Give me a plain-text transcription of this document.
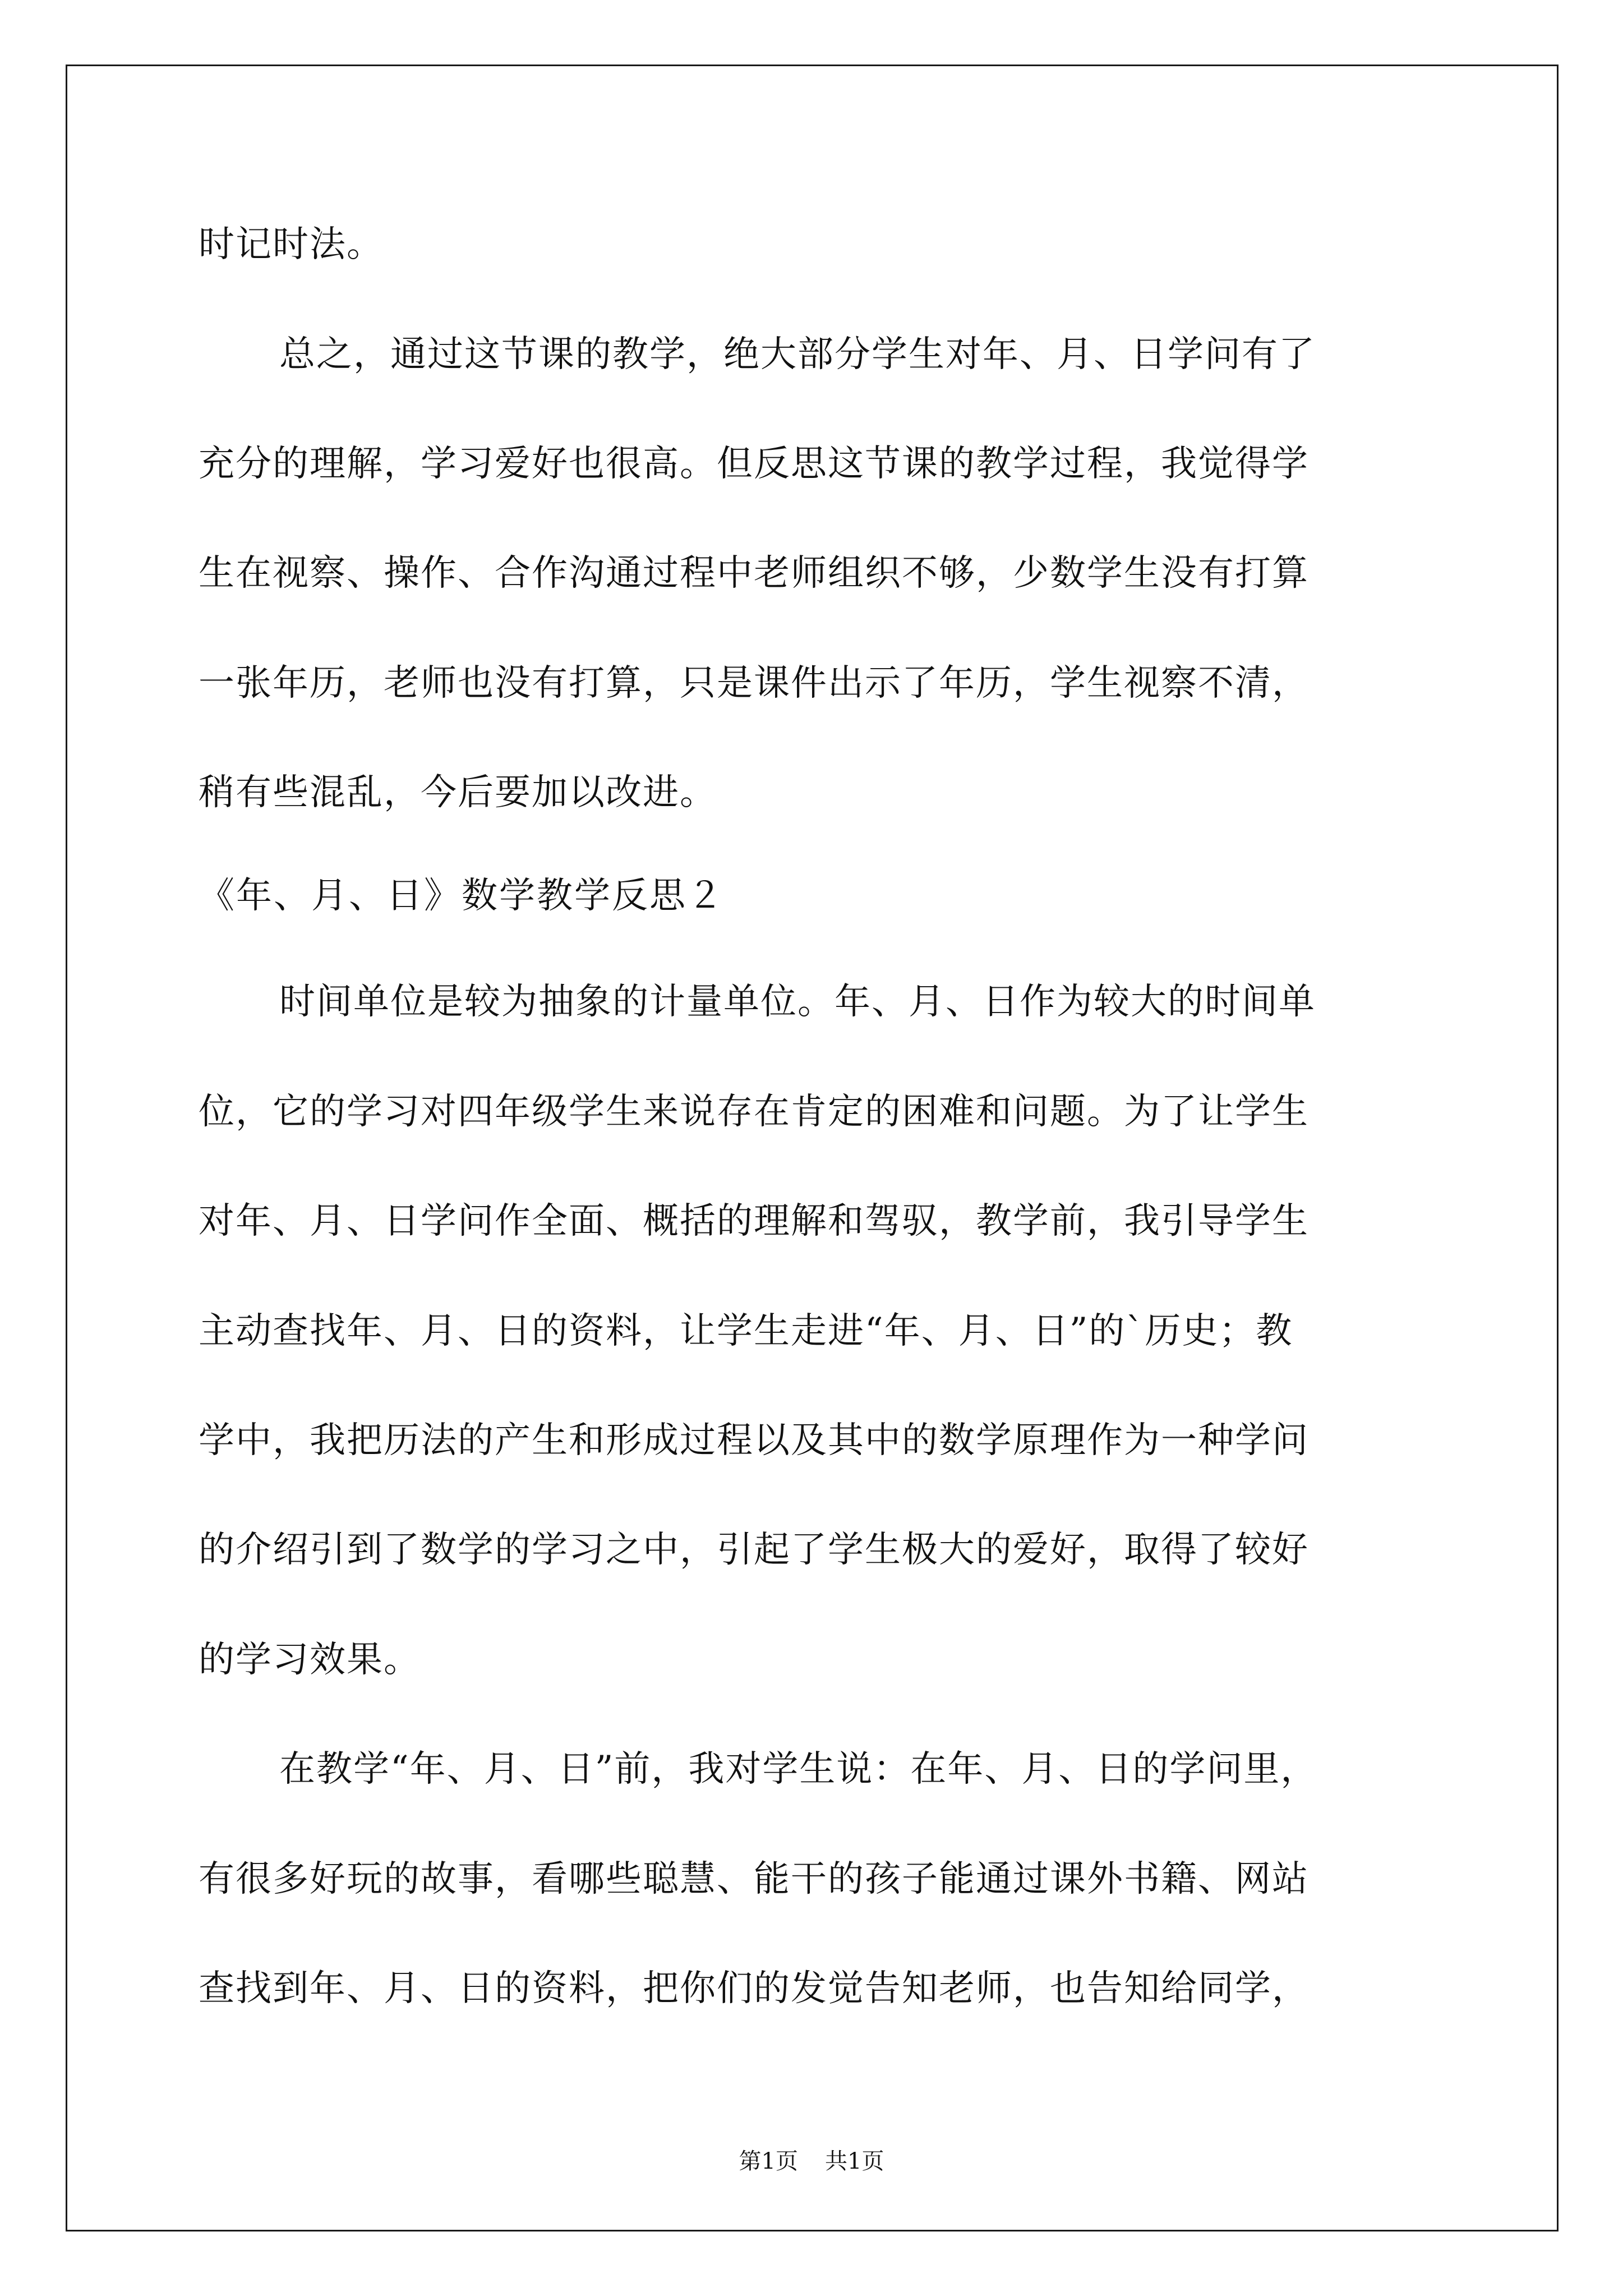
时记时法。
总之，通过这节课的教学，绝大部分学生对年、月、日学问有了
充分的理解，学习爱好也很高。但反思这节课的教学过程，我觉得学
生在视察、操作、合作沟通过程中老师组织不够，少数学生没有打算
一张年历，老师也没有打算，只是课件出示了年历，学生视察不清，
稍有些混乱，今后要加以改进。
《年、月、日》数学教学反思２
时间单位是较为抽象的计量单位。年、月、日作为较大的时间单
位，它的学习对四年级学生来说存在肯定的困难和问题。为了让学生
对年、月、日学问作全面、概括的理解和驾驭，教学前，我引导学生
主动查找年、月、日的资料，让学生走进“年、月、日”的`历史；教
学中，我把历法的产生和形成过程以及其中的数学原理作为一种学问
的介绍引到了数学的学习之中，引起了学生极大的爱好，取得了较好
的学习效果。
在教学“年、月、日”前，我对学生说：在年、月、日的学问里，
有很多好玩的故事，看哪些聪慧、能干的孩子能通过课外书籍、网站
查找到年、月、日的资料，把你们的发觉告知老师，也告知给同学，
第1页 共1页
